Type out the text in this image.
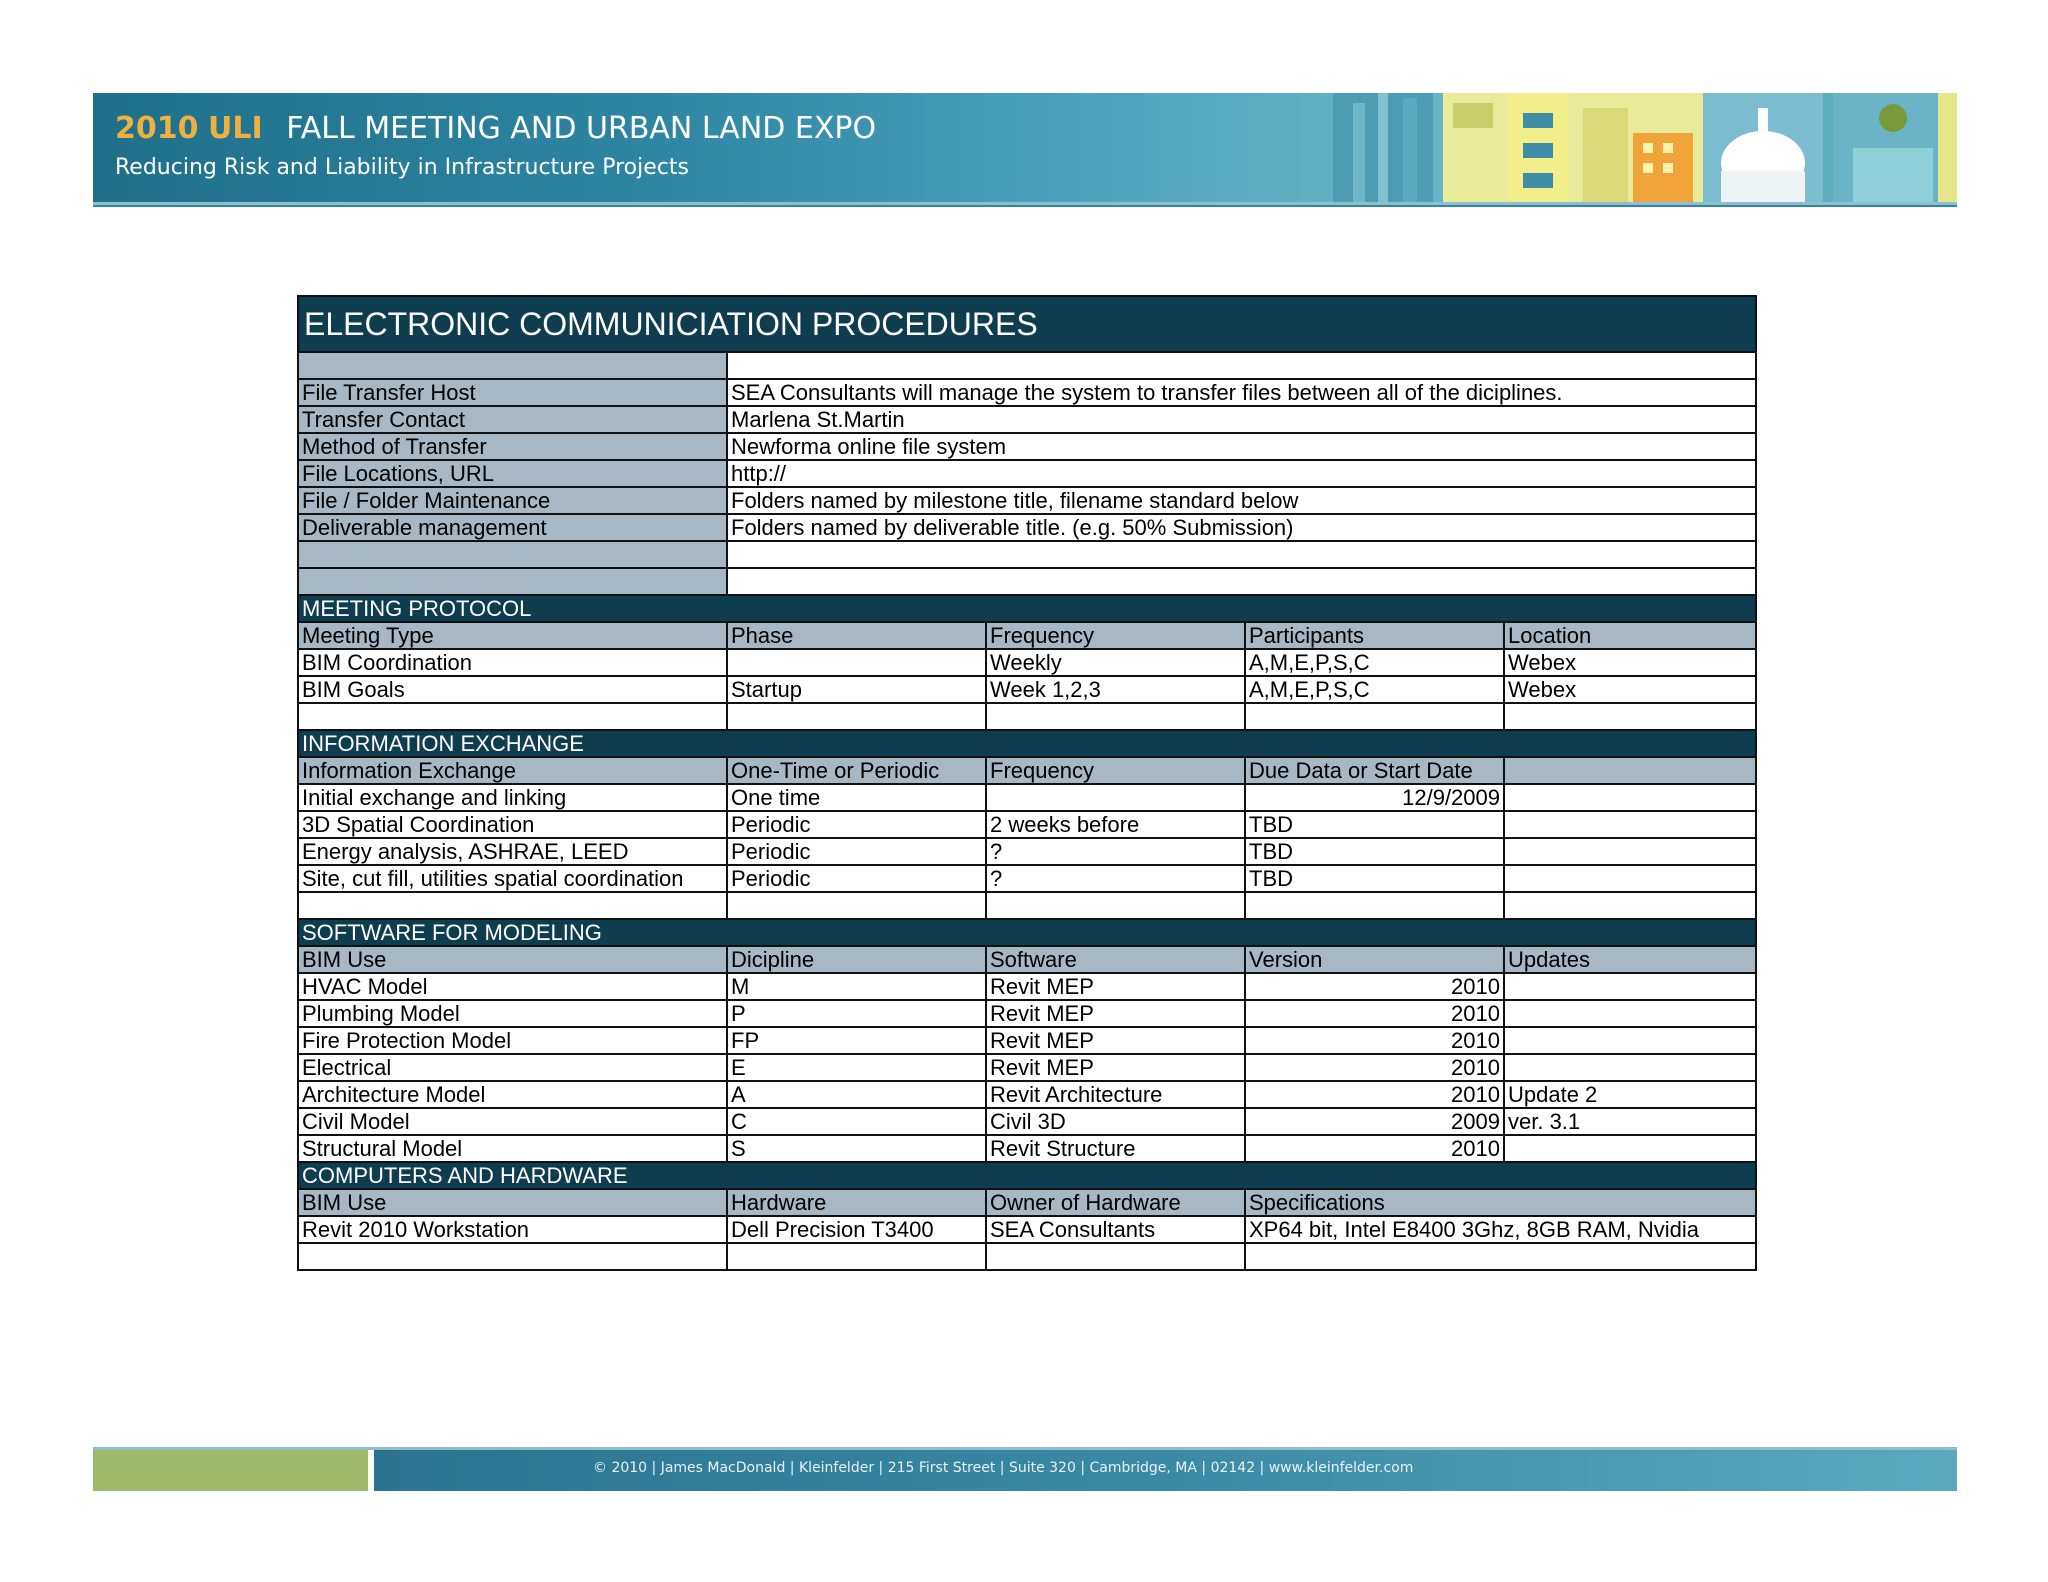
2010 ULI FALL MEETING AND URBAN LAND EXPO
Reducing Risk and Liability in Infrastructure Projects
ELECTRONIC COMMUNICIATION PROCEDURES				

File Transfer Host	SEA Consultants will manage the system to transfer files between all of the diciplines.			
Transfer Contact	Marlena St.Martin			
Method of Transfer	Newforma online file system			
File Locations, URL	http://			
File / Folder Maintenance	Folders named by milestone title, filename standard below			
Deliverable management	Folders named by deliverable title. (e.g. 50% Submission)			

MEETING PROTOCOL				
Meeting Type	Phase	Frequency	Participants	Location
BIM Coordination		Weekly	A,M,E,P,S,C	Webex
BIM Goals	Startup	Week 1,2,3	A,M,E,P,S,C	Webex

INFORMATION EXCHANGE				
Information Exchange	One-Time or Periodic	Frequency	Due Data or Start Date	
Initial exchange and linking	One time		12/9/2009	
3D Spatial Coordination	Periodic	2 weeks before	TBD	
Energy analysis, ASHRAE, LEED	Periodic	?	TBD	
Site, cut fill, utilities spatial coordination	Periodic	?	TBD	

SOFTWARE FOR MODELING				
BIM Use	Dicipline	Software	Version	Updates
HVAC Model	M	Revit MEP	2010	
Plumbing Model	P	Revit MEP	2010	
Fire Protection Model	FP	Revit MEP	2010	
Electrical	E	Revit MEP	2010	
Architecture Model	A	Revit Architecture	2010	Update 2
Civil Model	C	Civil 3D	2009	ver. 3.1
Structural Model	S	Revit Structure	2010	
COMPUTERS AND HARDWARE				
BIM Use	Hardware	Owner of Hardware	Specifications	
Revit 2010 Workstation	Dell Precision T3400	SEA Consultants	XP64 bit, Intel E8400 3Ghz, 8GB RAM, Nvidia	

© 2010 | James MacDonald | Kleinfelder | 215 First Street | Suite 320 | Cambridge, MA | 02142 | www.kleinfelder.com
